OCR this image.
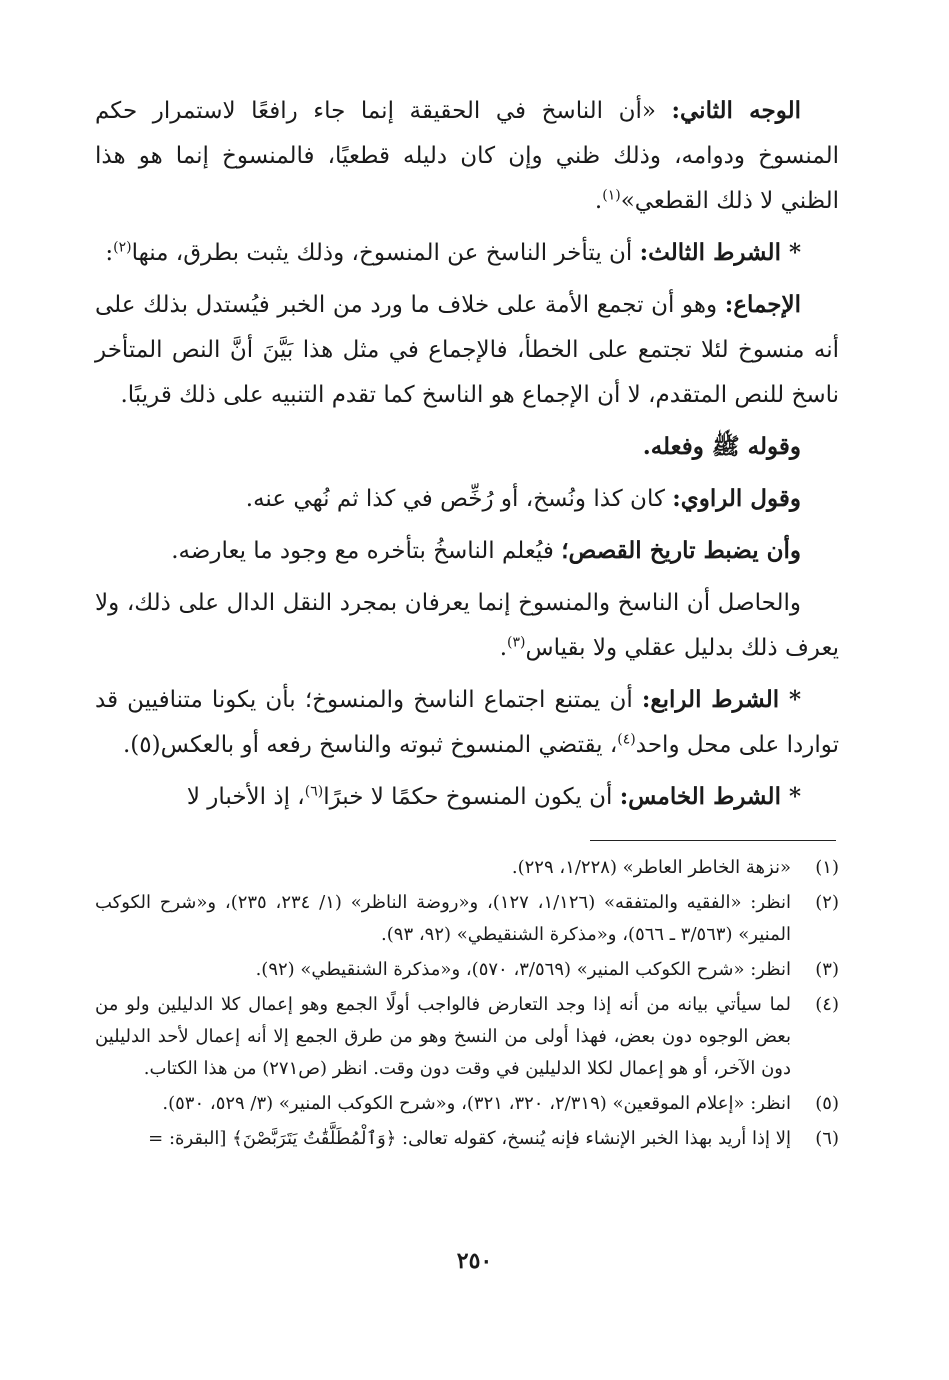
الوجه الثاني: «أن الناسخ في الحقيقة إنما جاء رافعًا لاستمرار حكم المنسوخ ودوامه، وذلك ظني وإن كان دليله قطعيًا، فالمنسوخ إنما هو هذا الظني لا ذلك القطعي»$^{(١)}$.

* الشرط الثالث: أن يتأخر الناسخ عن المنسوخ، وذلك يثبت بطرق، منها$^{(٢)}$:

الإجماع: وهو أن تجمع الأمة على خلاف ما ورد من الخبر فيُستدل بذلك على أنه منسوخ لئلا تجتمع على الخطأ، فالإجماع في مثل هذا بَيَّنَ أنَّ النص المتأخر ناسخ للنص المتقدم، لا أن الإجماع هو الناسخ كما تقدم التنبيه على ذلك قريبًا.

وقوله ﷺ وفعله.

وقول الراوي: كان كذا ونُسخ، أو رُخِّص في كذا ثم نُهي عنه.

وأن يضبط تاريخ القصص؛ فيُعلم الناسخُ بتأخره مع وجود ما يعارضه.

والحاصل أن الناسخ والمنسوخ إنما يعرفان بمجرد النقل الدال على ذلك، ولا يعرف ذلك بدليل عقلي ولا بقياس$^{(٣)}$.

* الشرط الرابع: أن يمتنع اجتماع الناسخ والمنسوخ؛ بأن يكونا متنافيين قد تواردا على محل واحد$^{(٤)}$، يقتضي المنسوخ ثبوته والناسخ رفعه أو بالعكس(٥).

* الشرط الخامس: أن يكون المنسوخ حكمًا لا خبرًا$^{(٦)}$، إذ الأخبار لا

(١)
«نزهة الخاطر العاطر» (١/٢٢٨، ٢٢٩).
(٢)
انظر: «الفقيه والمتفقه» (١/١٢٦، ١٢٧)، و«روضة الناظر» (١/ ٢٣٤، ٢٣٥)، و«شرح الكوكب المنير» (٣/٥٦٣ ـ ٥٦٦)، و«مذكرة الشنقيطي» (٩٢، ٩٣).
(٣)
انظر: «شرح الكوكب المنير» (٣/٥٦٩، ٥٧٠)، و«مذكرة الشنقيطي» (٩٢).
(٤)
لما سيأتي بيانه من أنه إذا وجد التعارض فالواجب أولًا الجمع وهو إعمال كلا الدليلين ولو من بعض الوجوه دون بعض، فهذا أولى من النسخ وهو من طرق الجمع إلا أنه إعمال لأحد الدليلين دون الآخر، أو هو إعمال لكلا الدليلين في وقت دون وقت. انظر (ص٢٧١) من هذا الكتاب.
(٥)
انظر: «إعلام الموقعين» (٢/٣١٩، ٣٢٠، ٣٢١)، و«شرح الكوكب المنير» (٣/ ٥٢٩، ٥٣٠).
(٦)
إلا إذا أريد بهذا الخبر الإنشاء فإنه يُنسخ، كقوله تعالى: ﴿وَٱلْمُطَلَّقَٰتُ يَتَرَبَّصْنَ﴾ [البقرة: =
٢٥٠
